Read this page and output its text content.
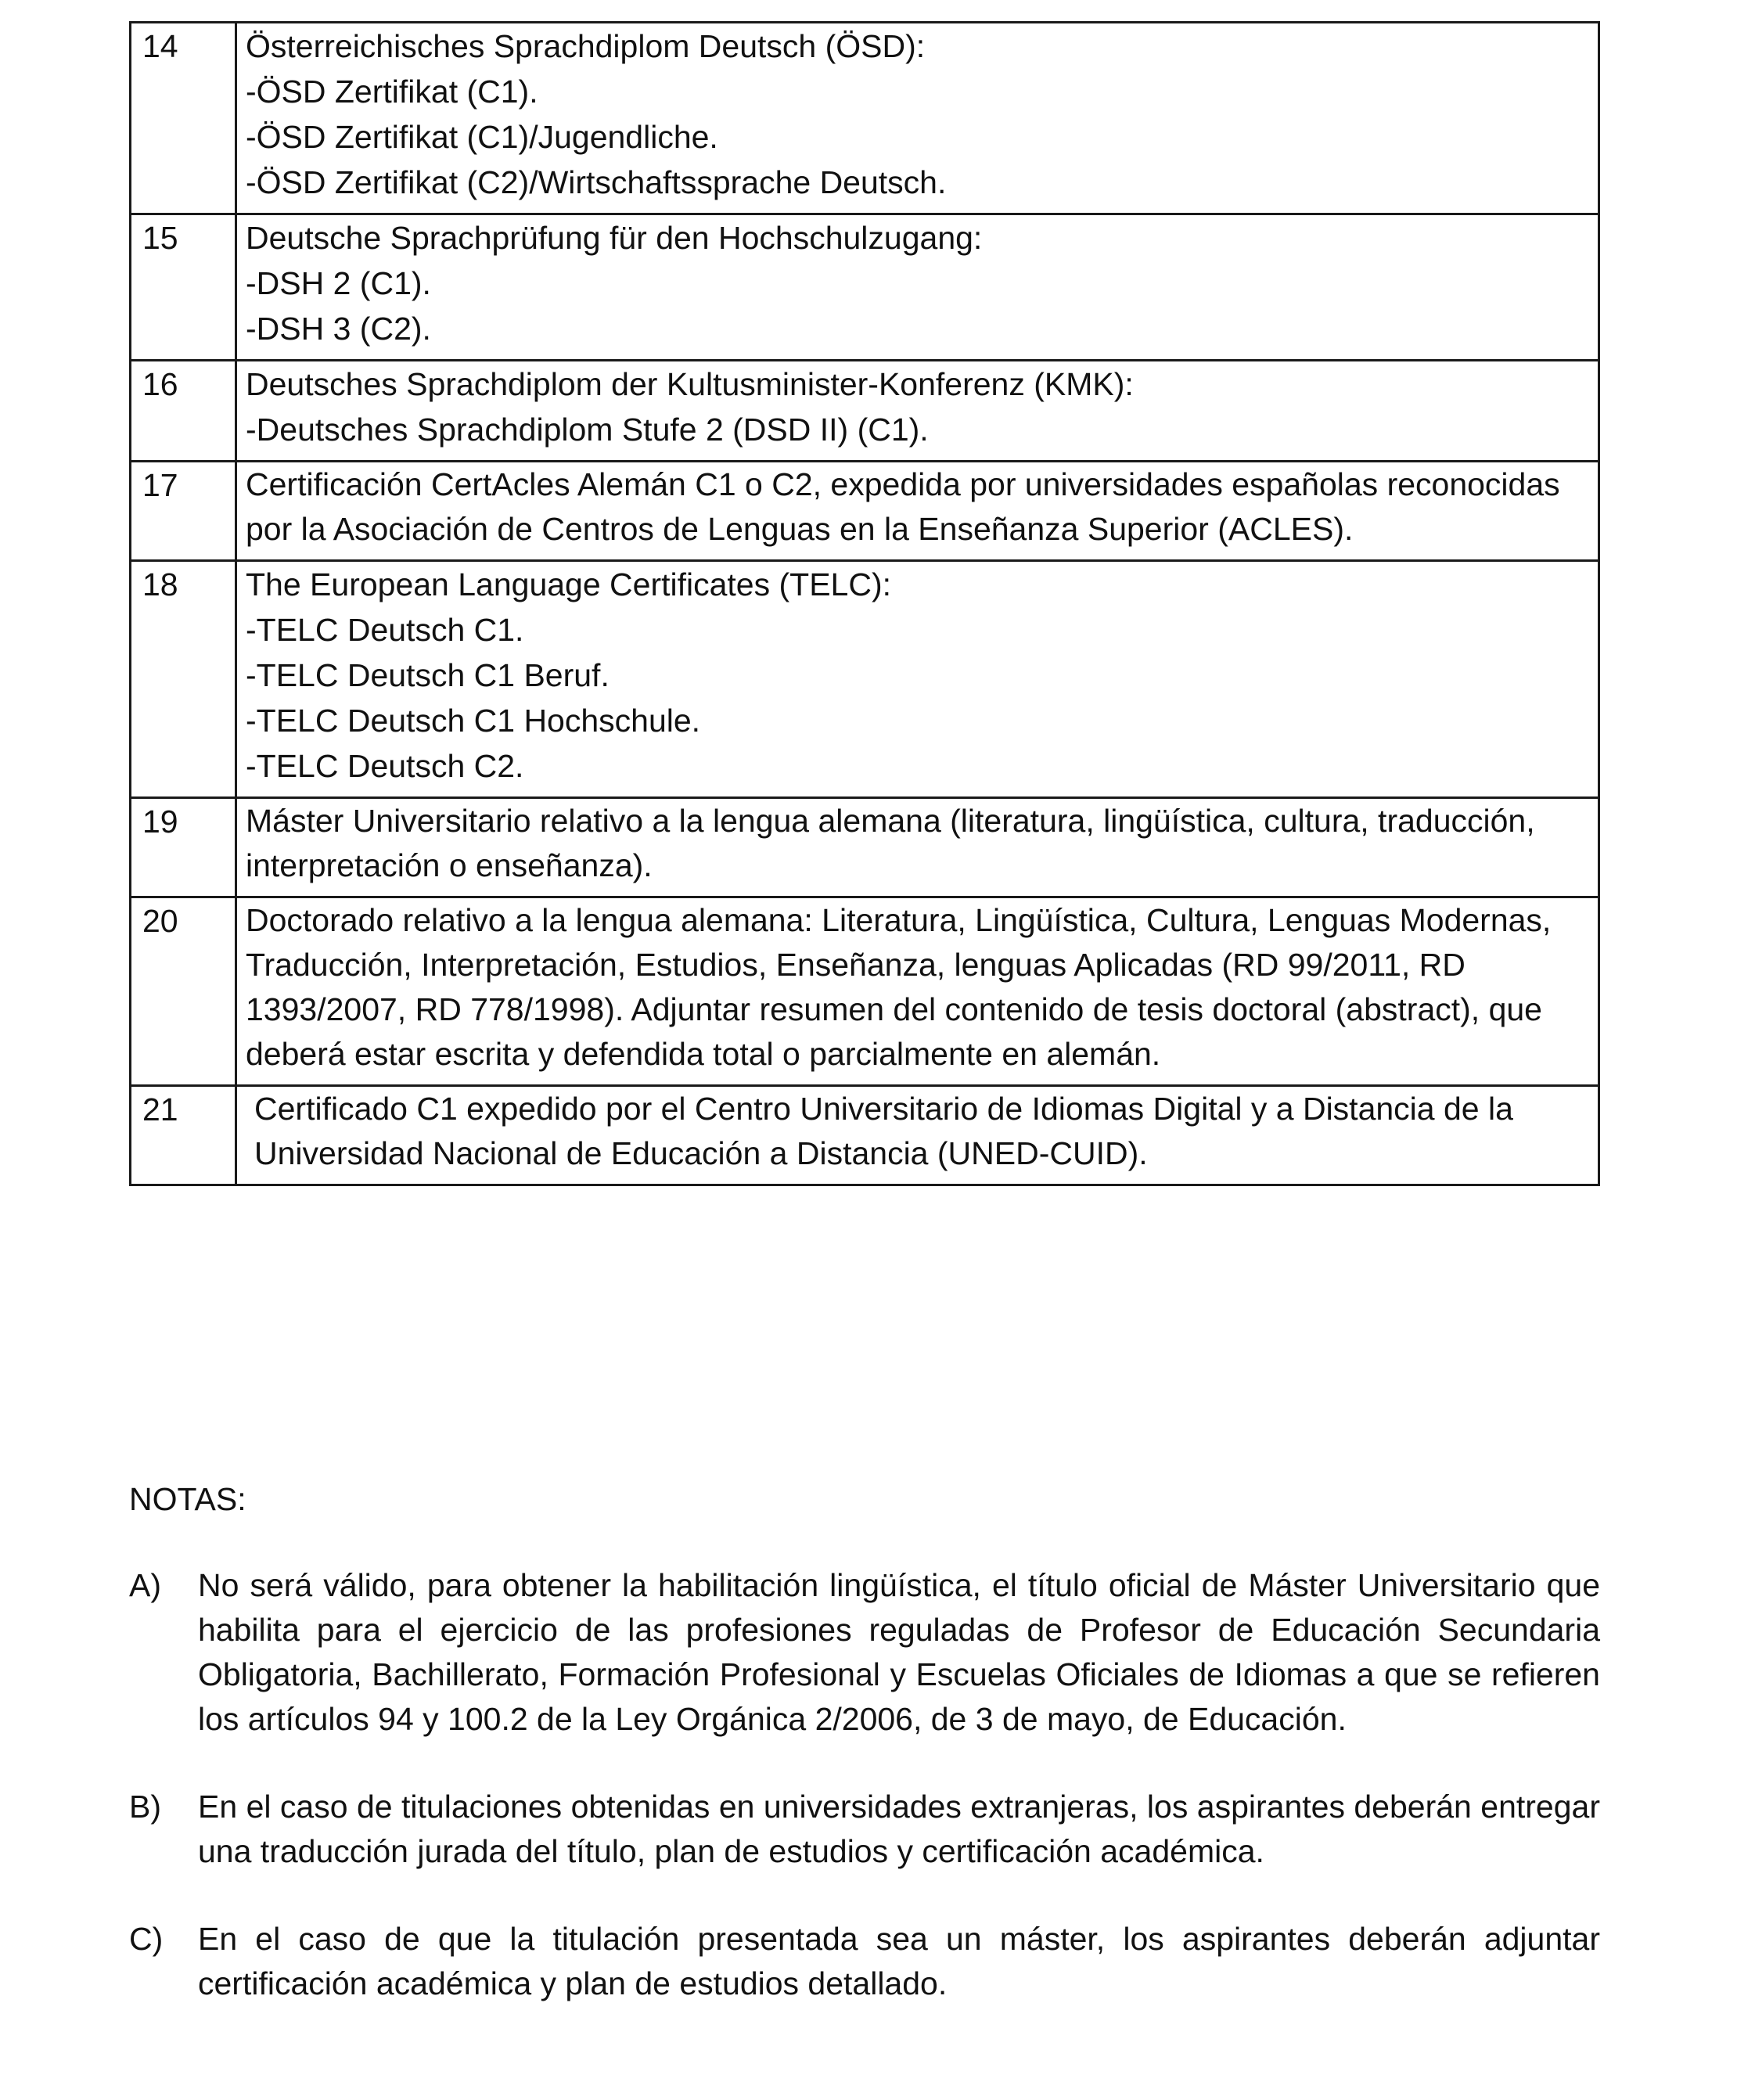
14	Österreichisches Sprachdiplom Deutsch (ÖSD):
-ÖSD Zertifikat (C1).
-ÖSD Zertifikat (C1)/Jugendliche.
-ÖSD Zertifikat (C2)/Wirtschaftssprache Deutsch.

15	Deutsche Sprachprüfung für den Hochschulzugang:
-DSH 2 (C1).
-DSH 3 (C2).

16	Deutsches Sprachdiplom der Kultusminister-Konferenz (KMK):
-Deutsches Sprachdiplom Stufe 2 (DSD II) (C1).

17	Certificación CertAcles Alemán C1 o C2, expedida por universidades españolas reconocidas por la Asociación de Centros de Lenguas en la Enseñanza Superior (ACLES).

18	The European Language Certificates (TELC):
-TELC Deutsch C1.
-TELC Deutsch C1 Beruf.
-TELC Deutsch C1 Hochschule.
-TELC Deutsch C2.

19	Máster Universitario relativo a la lengua alemana (literatura, lingüística, cultura, traducción, interpretación o enseñanza).

20	Doctorado relativo a la lengua alemana: Literatura, Lingüística, Cultura, Lenguas Modernas, Traducción, Interpretación, Estudios, Enseñanza, lenguas Aplicadas (RD 99/2011, RD 1393/2007, RD 778/1998). Adjuntar resumen del contenido de tesis doctoral (abstract), que deberá estar escrita y defendida total o parcialmente en alemán.

21	Certificado C1 expedido por el Centro Universitario de Idiomas Digital y a Distancia de la Universidad Nacional de Educación a Distancia (UNED-CUID).
NOTAS:
A)	No será válido, para obtener la habilitación lingüística, el título oficial de Máster Universitario que habilita para el ejercicio de las profesiones reguladas de Profesor de Educación Secundaria Obligatoria, Bachillerato, Formación Profesional y Escuelas Oficiales de Idiomas a que se refieren los artículos 94 y 100.2 de la Ley Orgánica 2/2006, de 3 de mayo, de Educación.
B)	En el caso de titulaciones obtenidas en universidades extranjeras, los aspirantes deberán entregar una traducción jurada del título, plan de estudios y certificación académica.
C)	En el caso de que la titulación presentada sea un máster, los aspirantes deberán adjuntar certificación académica y plan de estudios detallado.
